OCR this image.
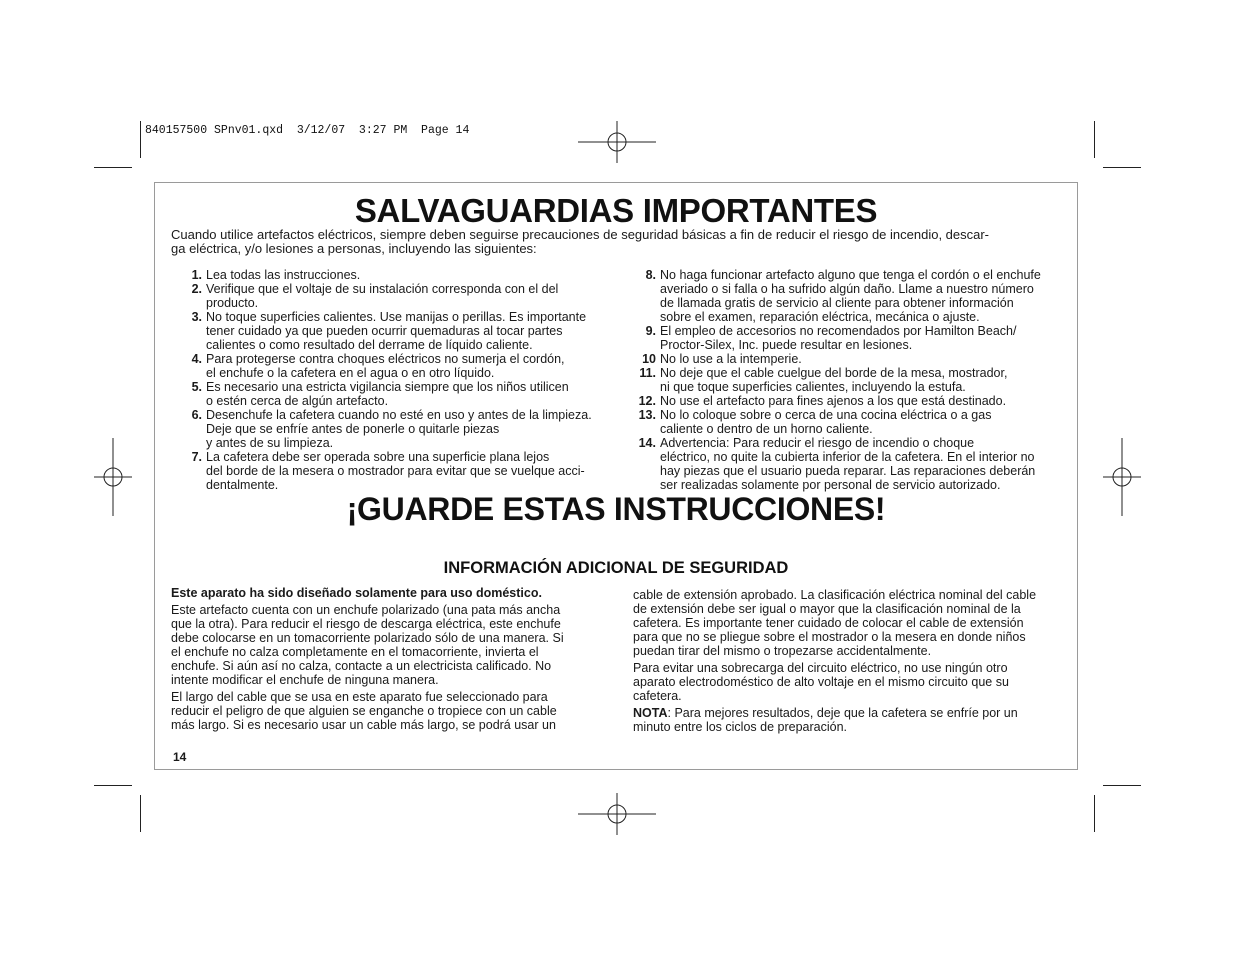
840157500 SPnv01.qxd  3/12/07  3:27 PM  Page 14
SALVAGUARDIAS IMPORTANTES
Cuando utilice artefactos eléctricos, siempre deben seguirse precauciones de seguridad básicas a fin de reducir el riesgo de incendio, descar-
ga eléctrica, y/o lesiones a personas, incluyendo las siguientes:
1. Lea todas las instrucciones.
2. Verifique que el voltaje de su instalación corresponda con el del
producto.
3. No toque superficies calientes. Use manijas o perillas. Es importante
tener cuidado ya que pueden ocurrir quemaduras al tocar partes
calientes o como resultado del derrame de líquido caliente.
4. Para protegerse contra choques eléctricos no sumerja el cordón,
el enchufe o la cafetera en el agua o en otro líquido.
5. Es necesario una estricta vigilancia siempre que los niños utilicen
o estén cerca de algún artefacto.
6. Desenchufe la cafetera cuando no esté en uso y antes de la limpieza.
Deje que se enfríe antes de ponerle o quitarle piezas
y antes de su limpieza.
7. La cafetera debe ser operada sobre una superficie plana lejos
del borde de la mesera o mostrador para evitar que se vuelque acci-
dentalmente.
8. No haga funcionar artefacto alguno que tenga el cordón o el enchufe
averiado o si falla o ha sufrido algún daño. Llame a nuestro número
de llamada gratis de servicio al cliente para obtener información
sobre el examen, reparación eléctrica, mecánica o ajuste.
9. El empleo de accesorios no recomendados por Hamilton Beach/
Proctor-Silex, Inc. puede resultar en lesiones.
10 No lo use a la intemperie.
11. No deje que el cable cuelgue del borde de la mesa, mostrador,
ni que toque superficies calientes, incluyendo la estufa.
12. No use el artefacto para fines ajenos a los que está destinado.
13. No lo coloque sobre o cerca de una cocina eléctrica o a gas
caliente o dentro de un horno caliente.
14. Advertencia: Para reducir el riesgo de incendio o choque
eléctrico, no quite la cubierta inferior de la cafetera. En el interior no
hay piezas que el usuario pueda reparar. Las reparaciones deberán
ser realizadas solamente por personal de servicio autorizado.
¡GUARDE ESTAS INSTRUCCIONES!
INFORMACIÓN ADICIONAL DE SEGURIDAD

Este aparato ha sido diseñado solamente para uso doméstico.

Este artefacto cuenta con un enchufe polarizado (una pata más ancha
que la otra). Para reducir el riesgo de descarga eléctrica, este enchufe
debe colocarse en un tomacorriente polarizado sólo de una manera. Si
el enchufe no calza completamente en el tomacorriente, invierta el
enchufe. Si aún así no calza, contacte a un electricista calificado. No
intente modificar el enchufe de ninguna manera.

El largo del cable que se usa en este aparato fue seleccionado para
reducir el peligro de que alguien se enganche o tropiece con un cable
más largo. Si es necesario usar un cable más largo, se podrá usar un

cable de extensión aprobado. La clasificación eléctrica nominal del cable
de extensión debe ser igual o mayor que la clasificación nominal de la
cafetera. Es importante tener cuidado de colocar el cable de extensión
para que no se pliegue sobre el mostrador o la mesera en donde niños
puedan tirar del mismo o tropezarse accidentalmente.

Para evitar una sobrecarga del circuito eléctrico, no use ningún otro
aparato electrodoméstico de alto voltaje en el mismo circuito que su
cafetera.

NOTA: Para mejores resultados, deje que la cafetera se enfríe por un
minuto entre los ciclos de preparación.

14
